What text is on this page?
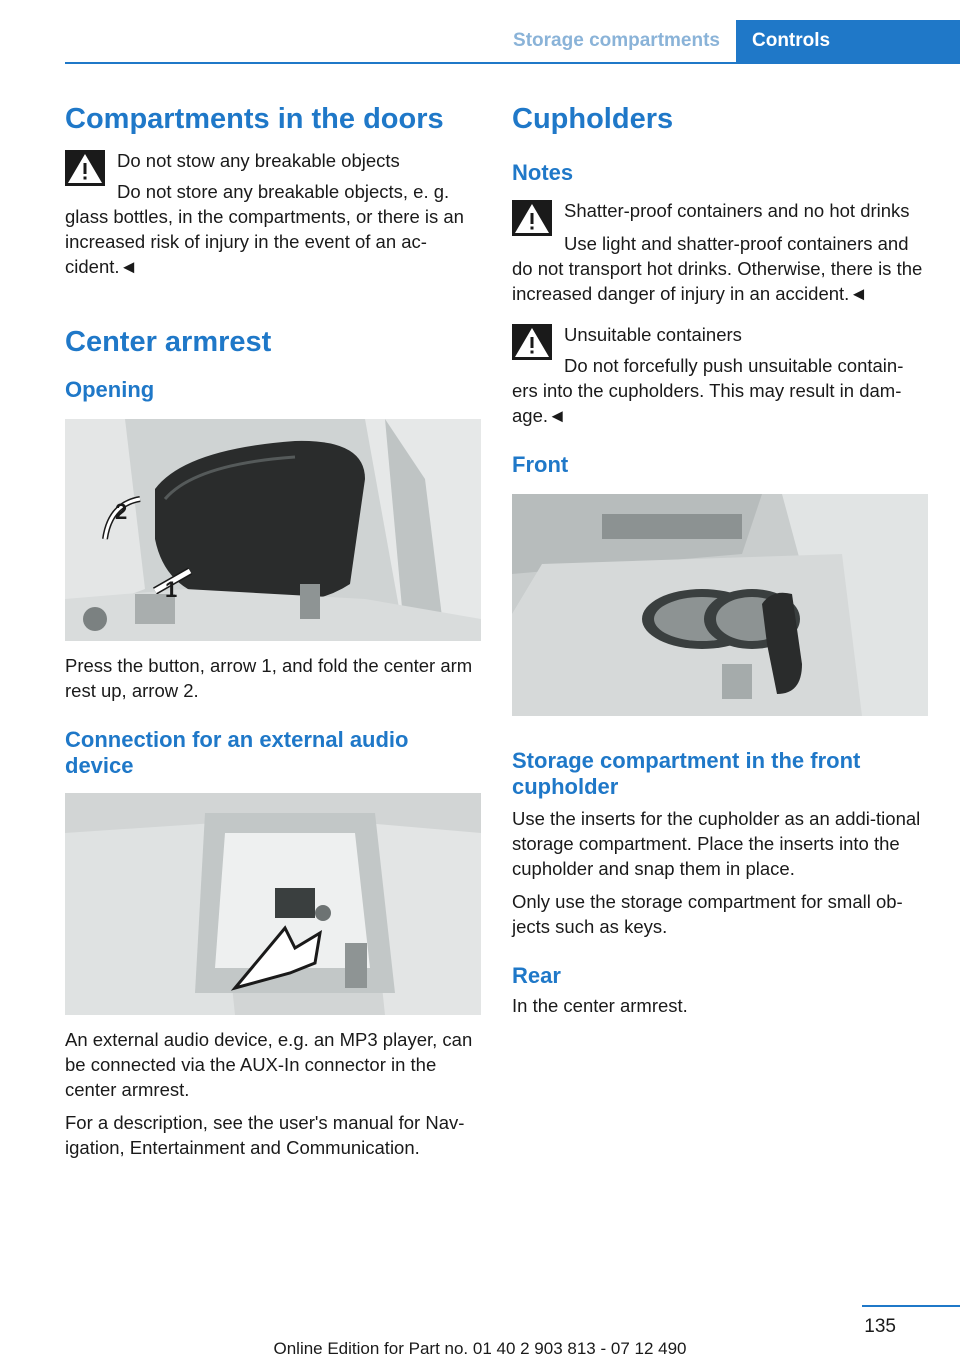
Storage compartments	Controls
Compartments in the doors
Do not stow any breakable objects

Do not store any breakable objects, e. g. glass bottles, in the compartments, or there is an increased risk of injury in the event of an ac-cident.◄

Center armrest
Opening
2
1

Press the button, arrow 1, and fold the center arm rest up, arrow 2.

Connection for an external audio device

An external audio device, e.g. an MP3 player, can be connected via the AUX-In connector in the center armrest.

For a description, see the user's manual for Nav-igation, Entertainment and Communication.

Cupholders
Notes
Shatter-proof containers and no hot drinks

Use light and shatter-proof containers and do not transport hot drinks. Otherwise, there is the increased danger of injury in an accident.◄

Unsuitable containers

Do not forcefully push unsuitable contain-ers into the cupholders. This may result in dam-age.◄

Front
Storage compartment in the front cupholder

Use the inserts for the cupholder as an addi-tional storage compartment. Place the inserts into the cupholder and snap them in place.

Only use the storage compartment for small ob-jects such as keys.

Rear

In the center armrest.

135
Online Edition for Part no. 01 40 2 903 813 - 07 12 490
